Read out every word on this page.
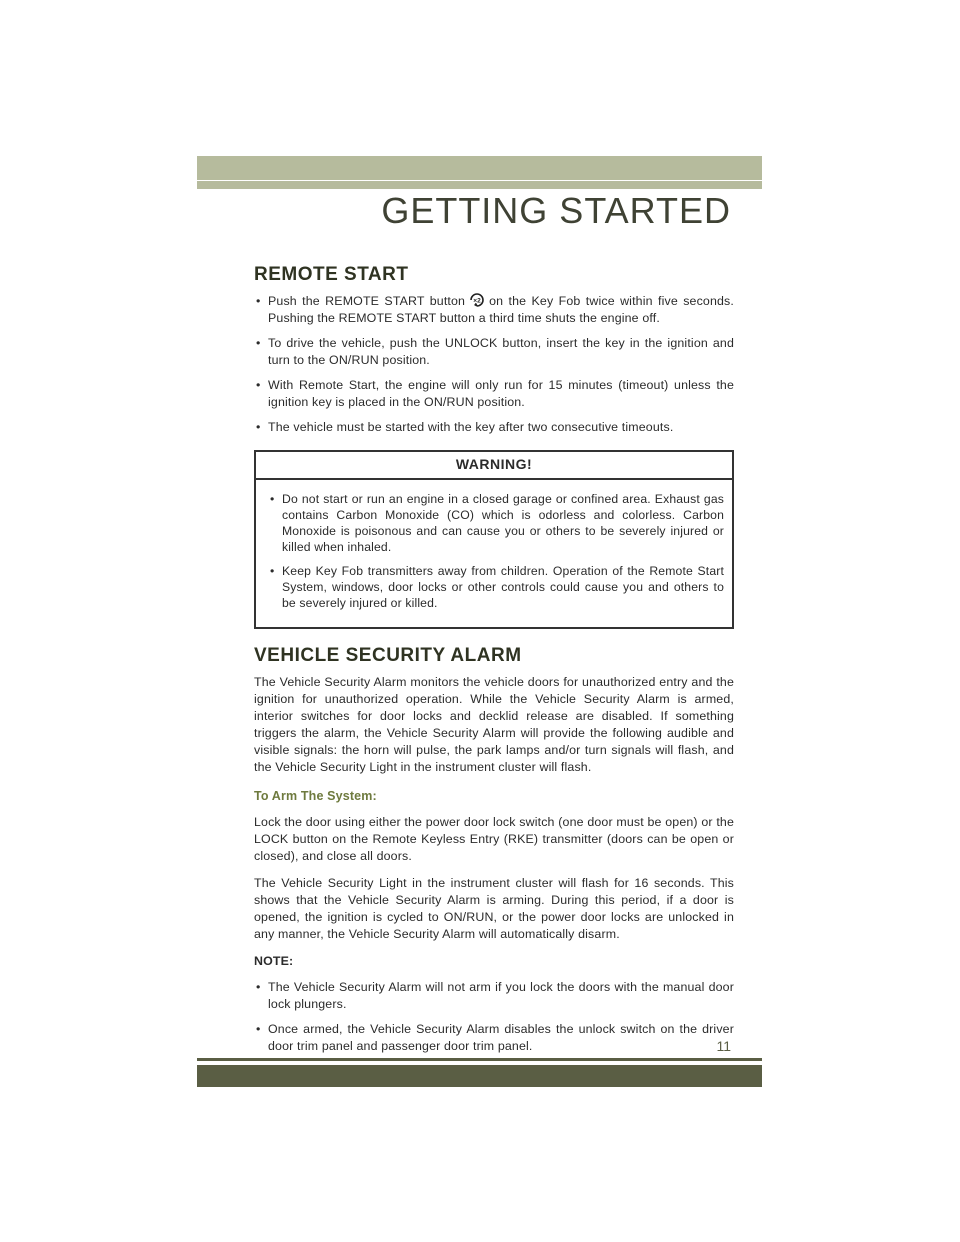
GETTING STARTED
REMOTE START
• Push the REMOTE START button ×2 on the Key Fob twice within five seconds. Pushing the REMOTE START button a third time shuts the engine off.
• To drive the vehicle, push the UNLOCK button, insert the key in the ignition and turn to the ON/RUN position.
• With Remote Start, the engine will only run for 15 minutes (timeout) unless the ignition key is placed in the ON/RUN position.
• The vehicle must be started with the key after two consecutive timeouts.
WARNING!
• Do not start or run an engine in a closed garage or confined area. Exhaust gas contains Carbon Monoxide (CO) which is odorless and colorless. Carbon Monoxide is poisonous and can cause you or others to be severely injured or killed when inhaled.
• Keep Key Fob transmitters away from children. Operation of the Remote Start System, windows, door locks or other controls could cause you and others to be severely injured or killed.
VEHICLE SECURITY ALARM

The Vehicle Security Alarm monitors the vehicle doors for unauthorized entry and the ignition for unauthorized operation. While the Vehicle Security Alarm is armed, interior switches for door locks and decklid release are disabled. If something triggers the alarm, the Vehicle Security Alarm will provide the following audible and visible signals: the horn will pulse, the park lamps and/or turn signals will flash, and the Vehicle Security Light in the instrument cluster will flash.

To Arm The System:

Lock the door using either the power door lock switch (one door must be open) or the LOCK button on the Remote Keyless Entry (RKE) transmitter (doors can be open or closed), and close all doors.

The Vehicle Security Light in the instrument cluster will flash for 16 seconds. This shows that the Vehicle Security Alarm is arming. During this period, if a door is opened, the ignition is cycled to ON/RUN, or the power door locks are unlocked in any manner, the Vehicle Security Alarm will automatically disarm.

NOTE:
• The Vehicle Security Alarm will not arm if you lock the doors with the manual door lock plungers.
• Once armed, the Vehicle Security Alarm disables the unlock switch on the driver door trim panel and passenger door trim panel.	11
